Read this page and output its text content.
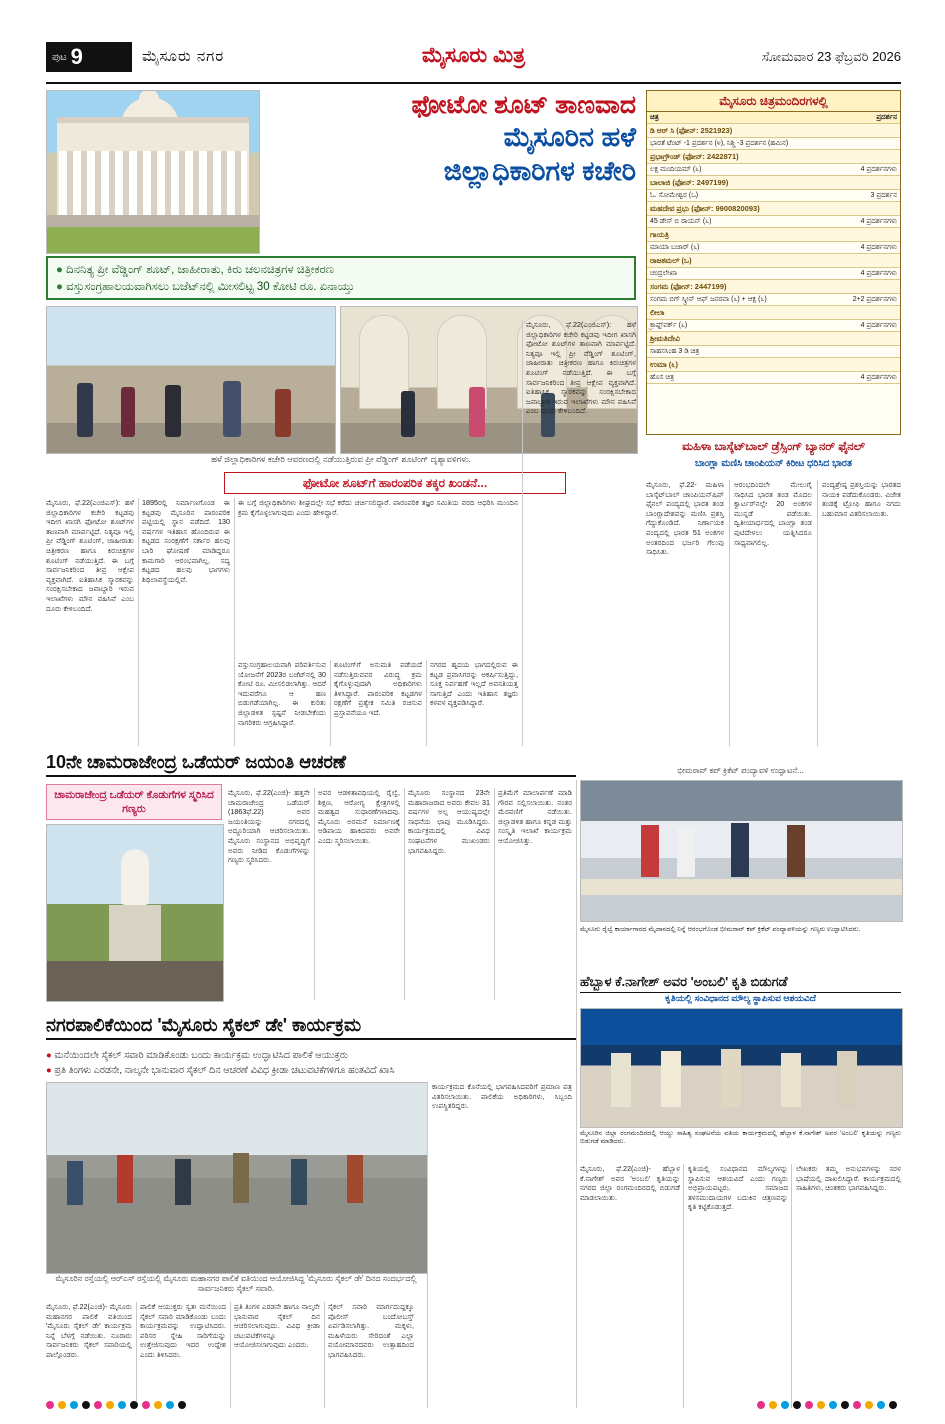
ಪುಟ 9	ಮೈಸೂರು ನಗರ	ಮೈಸೂರು ಮಿತ್ರ	ಸೋಮವಾರ 23 ಫೆಬ್ರವರಿ 2026
ಫೋಟೋ ಶೂಟ್ ತಾಣವಾದ
ಮೈಸೂರಿನ ಹಳೆ
ಜಿಲ್ಲಾಧಿಕಾರಿಗಳ ಕಚೇರಿ
● ದಿನನಿತ್ಯ ಪ್ರೀ ವೆಡ್ಡಿಂಗ್ ಶೂಟ್, ಜಾಹೀರಾತು, ಕಿರು ಚಲನಚಿತ್ರಗಳ ಚಿತ್ರೀಕರಣ
● ವಸ್ತುಸಂಗ್ರಹಾಲಯವಾಗಿಸಲು ಬಜೆಟ್‌ನಲ್ಲಿ ಮೀಸಲಿಟ್ಟ 30 ಕೋಟಿ ರೂ. ಏನಾಯ್ತು
ಹಳೆ ಜಿಲ್ಲಾಧಿಕಾರಿಗಳ ಕಚೇರಿ ಆವರಣದಲ್ಲಿ ನಡೆಯುತ್ತಿರುವ ಪ್ರೀ ವೆಡ್ಡಿಂಗ್ ಶೂಟಿಂಗ್ ದೃಶ್ಯಾವಳಿಗಳು.
ಫೋಟೋ ಶೂಟ್‌ಗೆ ಹಾರಂಪರಿಕ ತಕ್ಕರ ಖಂಡನೆ...
ಮೈಸೂರು, ಫೆ.22(ಎಂಜಿಎಸ್): ಹಳೆ ಜಿಲ್ಲಾಧಿಕಾರಿಗಳ ಕಚೇರಿ ಕಟ್ಟಡವು ಇದೀಗ ಖಾಸಗಿ ಫೋಟೋ ಶೂಟ್‌ಗಳ ತಾಣವಾಗಿ ಮಾರ್ಪಟ್ಟಿದೆ. ನಿತ್ಯವೂ ಇಲ್ಲಿ ಪ್ರೀ ವೆಡ್ಡಿಂಗ್ ಶೂಟಿಂಗ್, ಜಾಹೀರಾತು ಚಿತ್ರೀಕರಣ ಹಾಗೂ ಕಿರುಚಿತ್ರಗಳ ಶೂಟಿಂಗ್ ನಡೆಯುತ್ತಿದೆ. ಈ ಬಗ್ಗೆ ಸಾರ್ವಜನಿಕರಿಂದ ತೀವ್ರ ಆಕ್ಷೇಪ ವ್ಯಕ್ತವಾಗಿದೆ. ಐತಿಹಾಸಿಕ ಸ್ಮಾರಕವನ್ನು ಸಂರಕ್ಷಿಸಬೇಕಾದ ಜವಾಬ್ದಾರಿ ಇರುವ ಇಲಾಖೆಗಳು ಮೌನ ವಹಿಸಿವೆ ಎಂಬ ದೂರು ಕೇಳಿಬಂದಿದೆ.
1895ರಲ್ಲಿ ನಿರ್ಮಾಣಗೊಂಡ ಈ ಕಟ್ಟಡವು ಮೈಸೂರಿನ ಪಾರಂಪರಿಕ ಪಟ್ಟಿಯಲ್ಲಿ ಸ್ಥಾನ ಪಡೆದಿದೆ. 130 ವರ್ಷಗಳ ಇತಿಹಾಸ ಹೊಂದಿರುವ ಈ ಕಟ್ಟಡದ ಸಂರಕ್ಷಣೆಗೆ ಸರ್ಕಾರ ಹಲವು ಬಾರಿ ಘೋಷಣೆ ಮಾಡಿದ್ದರೂ ಕಾಮಗಾರಿ ಆರಂಭವಾಗಿಲ್ಲ. ಸದ್ಯ ಕಟ್ಟಡದ ಹಲವು ಭಾಗಗಳು ಶಿಥಿಲಾವಸ್ಥೆಯಲ್ಲಿವೆ.
ವಸ್ತುಸಂಗ್ರಹಾಲಯವಾಗಿ ಪರಿವರ್ತಿಸುವ ಯೋಜನೆಗೆ 2023ರ ಬಜೆಟ್‌ನಲ್ಲಿ 30 ಕೋಟಿ ರೂ. ಮೀಸಲಿಡಲಾಗಿತ್ತು. ಆದರೆ ಇದುವರೆಗೂ ಆ ಹಣ ಬಿಡುಗಡೆಯಾಗಿಲ್ಲ. ಈ ಕುರಿತು ಜಿಲ್ಲಾಡಳಿತ ಸ್ಪಷ್ಟನೆ ನೀಡಬೇಕೆಂದು ನಾಗರಿಕರು ಆಗ್ರಹಿಸಿದ್ದಾರೆ.
ಶೂಟಿಂಗ್‌ಗೆ ಅನುಮತಿ ಪಡೆಯದೆ ನಡೆಸುತ್ತಿರುವವರ ವಿರುದ್ಧ ಕ್ರಮ ಕೈಗೊಳ್ಳುವುದಾಗಿ ಅಧಿಕಾರಿಗಳು ತಿಳಿಸಿದ್ದಾರೆ. ಪಾರಂಪರಿಕ ಕಟ್ಟಡಗಳ ರಕ್ಷಣೆಗೆ ಪ್ರತ್ಯೇಕ ಸಮಿತಿ ರಚಿಸುವ ಪ್ರಸ್ತಾವನೆಯೂ ಇದೆ.
ನಗರದ ಹೃದಯ ಭಾಗದಲ್ಲಿರುವ ಈ ಕಟ್ಟಡ ಪ್ರವಾಸಿಗರನ್ನು ಆಕರ್ಷಿಸುತ್ತಿದ್ದು, ಸೂಕ್ತ ನಿರ್ವಹಣೆ ಇಲ್ಲದೆ ಅವನತಿಯತ್ತ ಸಾಗುತ್ತಿದೆ ಎಂದು ಇತಿಹಾಸ ತಜ್ಞರು ಕಳವಳ ವ್ಯಕ್ತಪಡಿಸಿದ್ದಾರೆ.
ಈ ಬಗ್ಗೆ ಜಿಲ್ಲಾಧಿಕಾರಿಗಳು ಶೀಘ್ರದಲ್ಲೇ ಸಭೆ ಕರೆದು ಚರ್ಚಿಸಲಿದ್ದಾರೆ. ಪಾರಂಪರಿಕ ತಜ್ಞರ ಸಮಿತಿಯ ವರದಿ ಆಧರಿಸಿ ಮುಂದಿನ ಕ್ರಮ ಕೈಗೊಳ್ಳಲಾಗುವುದು ಎಂದು ಹೇಳಿದ್ದಾರೆ.
ಮೈಸೂರು, ಫೆ.22(ಎಂಜಿಎಸ್): ಹಳೆ ಜಿಲ್ಲಾಧಿಕಾರಿಗಳ ಕಚೇರಿ ಕಟ್ಟಡವು ಇದೀಗ ಖಾಸಗಿ ಫೋಟೋ ಶೂಟ್‌ಗಳ ತಾಣವಾಗಿ ಮಾರ್ಪಟ್ಟಿದೆ. ನಿತ್ಯವೂ ಇಲ್ಲಿ ಪ್ರೀ ವೆಡ್ಡಿಂಗ್ ಶೂಟಿಂಗ್, ಜಾಹೀರಾತು ಚಿತ್ರೀಕರಣ ಹಾಗೂ ಕಿರುಚಿತ್ರಗಳ ಶೂಟಿಂಗ್ ನಡೆಯುತ್ತಿದೆ. ಈ ಬಗ್ಗೆ ಸಾರ್ವಜನಿಕರಿಂದ ತೀವ್ರ ಆಕ್ಷೇಪ ವ್ಯಕ್ತವಾಗಿದೆ. ಐತಿಹಾಸಿಕ ಸ್ಮಾರಕವನ್ನು ಸಂರಕ್ಷಿಸಬೇಕಾದ ಜವಾಬ್ದಾರಿ ಇರುವ ಇಲಾಖೆಗಳು ಮೌನ ವಹಿಸಿವೆ ಎಂಬ ದೂರು ಕೇಳಿಬಂದಿದೆ.
ಮೈಸೂರು ಚಿತ್ರಮಂದಿರಗಳಲ್ಲಿ
ಚಿತ್ರ	ಪ್ರದರ್ಶನ
ಡಿ ಆರ್ ಸಿ (ಫೋನ್: 2521923)	
ಭಾರತೆ ಟೆಂಟ್ -1 ಪ್ರದರ್ಶನ (೪), ನಿಶ್ಚಿ -3 ಪ್ರದರ್ಶನ (ಹಮಿನ)	
ಪ್ರಭಾಗ್ರೌಂಡ್ (ಫೋನ್: 2422871)	
ಲಕ್ಷ ಮಂದಿಯಮ್ (೬)	4 ಪ್ರದರ್ಶನಗಳು
ಬಾಲಾಜಿ (ಫೋನ್: 2497199)	
ಓ. ಸೋಮೇಶ್ವರ (ಒ)	3 ಪ್ರದರ್ಶನ
ಮಹದೇವ ಪ್ರಭು (ಫೋನ್: 9900820093)	
45 ಡೇಸ್ ಬಿ ರಾಯನ್ (೬)	4 ಪ್ರದರ್ಶನಗಳು
ಗಾಯತ್ರಿ	
ಮಾಯಾ ಬಜಾರ್ (೬)	4 ಪ್ರದರ್ಶನಗಳು
ರಾಜಕಮಲ್ (ಒ)	
ಚಂದ್ರಲೇಖಾ	4 ಪ್ರದರ್ಶನಗಳು
ಸಂಗಮ (ಫೋನ್: 2447199)	
ಸಂಗಮ ಬಿಗ್ ಸ್ಕ್ರೀನ್ ಆಫ್ ಜನರವಾ (೬) + ಆಕ್ಷ (೬)	2+2 ಪ್ರದರ್ಶನಗಳು
ಲೀಲಾ	
ಕ್ರಾಫ್ಟ್‌ವರ್ಕ್ (೬)	4 ಪ್ರದರ್ಶನಗಳು
ಶ್ರೀಮತಿದೇವಿ	
ಸಾಹಸಸಿಂಹ 3 ಡಿ ಚಿತ್ರ	
ಉಮಾ (೬)	
ಹೊಸ ಚಿತ್ರ	4 ಪ್ರದರ್ಶನಗಳು
ಮಹಿಳಾ ಬಾಸ್ಕೆಟ್‌ಬಾಲ್ ಡ್ರೆಸ್ಸಿಂಗ್ ಬ್ಯಾನರ್ ಫೈನಲ್
ಬಾಂಗ್ಲಾ ಮಣಿಸಿ ಚಾಂಪಿಯನ್ ಕಿರೀಟ ಧರಿಸಿದ ಭಾರತ
ಮೈಸೂರು, ಫೆ.22- ಮಹಿಳಾ ಬಾಸ್ಕೆಟ್‌ಬಾಲ್ ಚಾಂಪಿಯನ್‌ಷಿಪ್ ಫೈನಲ್ ಪಂದ್ಯದಲ್ಲಿ ಭಾರತ ತಂಡ ಬಾಂಗ್ಲಾದೇಶವನ್ನು ಮಣಿಸಿ ಪ್ರಶಸ್ತಿ ಗೆದ್ದುಕೊಂಡಿದೆ. ನಿರ್ಣಾಯಕ ಪಂದ್ಯದಲ್ಲಿ ಭಾರತ 51 ಅಂಕಗಳ ಅಂತರದಿಂದ ಭರ್ಜರಿ ಗೆಲುವು ಸಾಧಿಸಿತು.
ಆರಂಭದಿಂದಲೇ ಮೇಲುಗೈ ಸಾಧಿಸಿದ ಭಾರತ ತಂಡ ಮೊದಲ ಕ್ವಾರ್ಟರ್‌ನಲ್ಲೇ 20 ಅಂಕಗಳ ಮುನ್ನಡೆ ಪಡೆಯಿತು. ದ್ವಿತೀಯಾರ್ಧದಲ್ಲಿ ಬಾಂಗ್ಲಾ ತಂಡ ಪುಟಿದೇಳಲು ಯತ್ನಿಸಿದರೂ ಸಾಧ್ಯವಾಗಲಿಲ್ಲ.
ಪಂದ್ಯಶ್ರೇಷ್ಠ ಪ್ರಶಸ್ತಿಯನ್ನು ಭಾರತದ ನಾಯಕಿ ಪಡೆದುಕೊಂಡರು. ವಿಜೇತ ತಂಡಕ್ಕೆ ಟ್ರೋಫಿ ಹಾಗೂ ನಗದು ಬಹುಮಾನ ವಿತರಿಸಲಾಯಿತು.
10ನೇ ಚಾಮರಾಜೇಂದ್ರ ಒಡೆಯರ್ ಜಯಂತಿ ಆಚರಣೆ
ಚಾಮರಾಜೇಂದ್ರ ಒಡೆಯರ್ ಕೊಡುಗೆಗಳ ಸ್ಮರಿಸಿದ ಗಣ್ಯರು
ಮೈಸೂರು, ಫೆ.22(ಎಂಜಿ)- ಹತ್ತನೇ ಚಾಮರಾಜೇಂದ್ರ ಒಡೆಯರ್ (1863ಫೆ.22) ಅವರ ಜಯಂತಿಯನ್ನು ನಗರದಲ್ಲಿ ಅದ್ಧೂರಿಯಾಗಿ ಆಚರಿಸಲಾಯಿತು. ಮೈಸೂರು ಸಂಸ್ಥಾನದ ಅಭಿವೃದ್ಧಿಗೆ ಅವರು ನೀಡಿದ ಕೊಡುಗೆಗಳನ್ನು ಗಣ್ಯರು ಸ್ಮರಿಸಿದರು.
ಅವರ ಆಡಳಿತಾವಧಿಯಲ್ಲಿ ರೈಲ್ವೆ, ಶಿಕ್ಷಣ, ಆರೋಗ್ಯ ಕ್ಷೇತ್ರಗಳಲ್ಲಿ ಮಹತ್ವದ ಸುಧಾರಣೆಗಳಾದವು. ಮೈಸೂರು ಅರಮನೆ ನಿರ್ಮಾಣಕ್ಕೆ ಅಡಿಪಾಯ ಹಾಕಿದವರು ಅವರೇ ಎಂದು ಸ್ಮರಿಸಲಾಯಿತು.
ಮೈಸೂರು ಸಂಸ್ಥಾನದ 23ನೇ ಮಹಾರಾಜರಾದ ಅವರು ಕೇವಲ 31 ವರ್ಷಗಳ ಅಲ್ಪ ಆಯುಷ್ಯದಲ್ಲೇ ಸಾಧನೆಯ ಛಾಪು ಮೂಡಿಸಿದ್ದರು. ಕಾರ್ಯಕ್ರಮದಲ್ಲಿ ವಿವಿಧ ಸಂಘಟನೆಗಳ ಮುಖಂಡರು ಭಾಗವಹಿಸಿದ್ದರು.
ಪ್ರತಿಮೆಗೆ ಮಾಲಾರ್ಪಣೆ ಮಾಡಿ ಗೌರವ ಸಲ್ಲಿಸಲಾಯಿತು. ನಂತರ ಮೆರವಣಿಗೆ ನಡೆಯಿತು. ಜಿಲ್ಲಾಡಳಿತ ಹಾಗೂ ಕನ್ನಡ ಮತ್ತು ಸಂಸ್ಕೃತಿ ಇಲಾಖೆ ಕಾರ್ಯಕ್ರಮ ಆಯೋಜಿಸಿತ್ತು.
ಭೀಮರಾವ್ ಕಪ್ ಕ್ರಿಕೆಟ್ ಪಂದ್ಯಾವಳಿ ಉದ್ಘಾಟನೆ...
ಮೈಸೂರು ರೈಲ್ವೆ ಕಾರ್ಯಾಗಾರದ ಮೈದಾನದಲ್ಲಿ ನಿನ್ನೆ ಆರಂಭಗೊಂಡ ಭೀಮರಾವ್ ಕಪ್ ಕ್ರಿಕೆಟ್ ಪಂದ್ಯಾವಳಿಯನ್ನು ಗಣ್ಯರು ಉದ್ಘಾಟಿಸಿದರು.
ಹೆಬ್ಬಾಳ ಕೆ.ನಾಗೇಶ್ ಅವರ 'ಅಂಬಲಿ' ಕೃತಿ ಬಿಡುಗಡೆ
ನಗರಪಾಲಿಕೆಯಿಂದ 'ಮೈಸೂರು ಸೈಕಲ್ ಡೇ' ಕಾರ್ಯಕ್ರಮ
● ಮನೆಯಿಂದಲೇ ಸೈಕಲ್ ಸವಾರಿ ಮಾಡಿಕೊಂಡು ಬಂದು ಕಾರ್ಯಕ್ರಮ ಉದ್ಘಾಟಿಸಿದ ಪಾಲಿಕೆ ಆಯುಕ್ತರು
● ಪ್ರತಿ ತಿಂಗಳು ಎರಡನೇ, ನಾಲ್ಕನೇ ಭಾನುವಾರ ಸೈಕಲ್ ದಿನ ಆಚರಣೆ ವಿವಿಧ ಕ್ರೀಡಾ ಚಟುವಟಿಕೆಗಳಿಗೂ ಹಂತವಿದೆ ಖಾಸಿ
ಮೈಸೂರಿನ ರಸ್ತೆಯಲ್ಲಿ ಆರ್‌ಎಸ್ ರಸ್ತೆಯಲ್ಲಿ ಮೈಸೂರು ಮಹಾನಗರ ಪಾಲಿಕೆ ವತಿಯಿಂದ ಆಯೋಜಿಸಿದ್ದ 'ಮೈಸೂರು ಸೈಕಲ್ ಡೇ' ದಿನದ ಸಂದರ್ಭದಲ್ಲಿ ಸಾರ್ವಜನಿಕರು ಸೈಕಲ್ ಸವಾರಿ.
ಮೈಸೂರಿನ ಜಿಲ್ಲಾ ರಂಗಮಂದಿರದಲ್ಲಿ ಆಯ್ದು ಸಾಹಿತ್ಯ ಸಂಘಟನೆಯ ವತಿಯ ಕಾರ್ಯಕ್ರಮದಲ್ಲಿ ಹೆಬ್ಬಾಳ ಕೆ.ನಾಗೇಶ್ ಅವರ 'ಅಂಬಲಿ' ಕೃತಿಯನ್ನು ಗಣ್ಯರು ಬಿಡುಗಡೆ ಮಾಡಿದರು.
ಕೃತಿಯಲ್ಲಿ ಸಂವಿಧಾನದ ಮೌಲ್ಯ ಸ್ಥಾಪಿಸುವ ಆಶಯವಿದೆ
ಮೈಸೂರು, ಫೆ.22(ಎಂಜಿ)- ಮೈಸೂರು ಮಹಾನಗರ ಪಾಲಿಕೆ ವತಿಯಿಂದ 'ಮೈಸೂರು ಸೈಕಲ್ ಡೇ' ಕಾರ್ಯಕ್ರಮ ನಿನ್ನೆ ಬೆಳಗ್ಗೆ ನಡೆಯಿತು. ನೂರಾರು ಸಾರ್ವಜನಿಕರು ಸೈಕಲ್ ಸವಾರಿಯಲ್ಲಿ ಪಾಲ್ಗೊಂಡರು.
ಪಾಲಿಕೆ ಆಯುಕ್ತರು ಸ್ವತಃ ಮನೆಯಿಂದ ಸೈಕಲ್ ಸವಾರಿ ಮಾಡಿಕೊಂಡು ಬಂದು ಕಾರ್ಯಕ್ರಮವನ್ನು ಉದ್ಘಾಟಿಸಿದರು. ಪರಿಸರ ಸ್ನೇಹಿ ಸಾರಿಗೆಯನ್ನು ಉತ್ತೇಜಿಸುವುದು ಇದರ ಉದ್ದೇಶ ಎಂದು ತಿಳಿಸಿದರು.
ಪ್ರತಿ ತಿಂಗಳ ಎರಡನೇ ಹಾಗೂ ನಾಲ್ಕನೇ ಭಾನುವಾರ ಸೈಕಲ್ ದಿನ ಆಚರಿಸಲಾಗುವುದು. ವಿವಿಧ ಕ್ರೀಡಾ ಚಟುವಟಿಕೆಗಳನ್ನೂ ಆಯೋಜಿಸಲಾಗುವುದು ಎಂದರು.
ಸೈಕಲ್ ಸವಾರಿ ಮಾರ್ಗದುದ್ದಕ್ಕೂ ಪೊಲೀಸ್ ಬಂದೋಬಸ್ತ್ ಏರ್ಪಡಿಸಲಾಗಿತ್ತು. ಮಕ್ಕಳು, ಮಹಿಳೆಯರು ಸೇರಿದಂತೆ ಎಲ್ಲಾ ವಯೋಮಾನದವರು ಉತ್ಸಾಹದಿಂದ ಭಾಗವಹಿಸಿದರು.
ಕಾರ್ಯಕ್ರಮದ ಕೊನೆಯಲ್ಲಿ ಭಾಗವಹಿಸಿದವರಿಗೆ ಪ್ರಮಾಣ ಪತ್ರ ವಿತರಿಸಲಾಯಿತು. ಪಾಲಿಕೆಯ ಅಧಿಕಾರಿಗಳು, ಸಿಬ್ಬಂದಿ ಉಪಸ್ಥಿತರಿದ್ದರು.
ಮೈಸೂರು, ಫೆ.22(ಎಂಜಿ)- ಹೆಬ್ಬಾಳ ಕೆ.ನಾಗೇಶ್ ಅವರ 'ಅಂಬಲಿ' ಕೃತಿಯನ್ನು ನಗರದ ಜಿಲ್ಲಾ ರಂಗಮಂದಿರದಲ್ಲಿ ಬಿಡುಗಡೆ ಮಾಡಲಾಯಿತು.
ಕೃತಿಯಲ್ಲಿ ಸಂವಿಧಾನದ ಮೌಲ್ಯಗಳನ್ನು ಸ್ಥಾಪಿಸುವ ಆಶಯವಿದೆ ಎಂದು ಗಣ್ಯರು ಅಭಿಪ್ರಾಯಪಟ್ಟರು. ಸಮಾಜದ ತಳಸಮುದಾಯಗಳ ಬದುಕಿನ ಚಿತ್ರಣವನ್ನು ಕೃತಿ ಕಟ್ಟಿಕೊಡುತ್ತದೆ.
ಲೇಖಕರು ತಮ್ಮ ಅನುಭವಗಳನ್ನು ಸರಳ ಭಾಷೆಯಲ್ಲಿ ದಾಖಲಿಸಿದ್ದಾರೆ. ಕಾರ್ಯಕ್ರಮದಲ್ಲಿ ಸಾಹಿತಿಗಳು, ಚಿಂತಕರು ಭಾಗವಹಿಸಿದ್ದರು.
